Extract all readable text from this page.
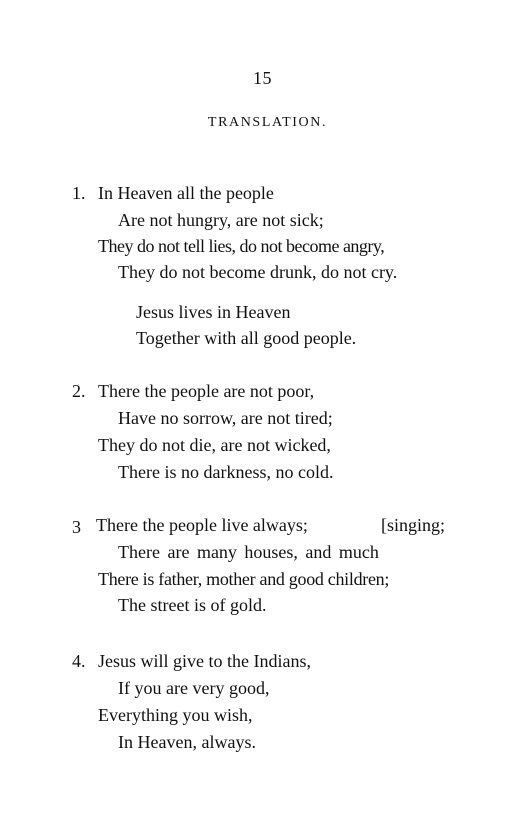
15
TRANSLATION.
1. In Heaven all the people
Are not hungry, are not sick;
They do not tell lies, do not become angry,
They do not become drunk, do not cry.
Jesus lives in Heaven
Together with all good people.
2. There the people are not poor,
Have no sorrow, are not tired;
They do not die, are not wicked,
There is no darkness, no cold.
3 There the people live always;	[singing;
There are many houses, and much
There is father, mother and good children;
The street is of gold.
4. Jesus will give to the Indians,
If you are very good,
Everything you wish,
In Heaven, always.
